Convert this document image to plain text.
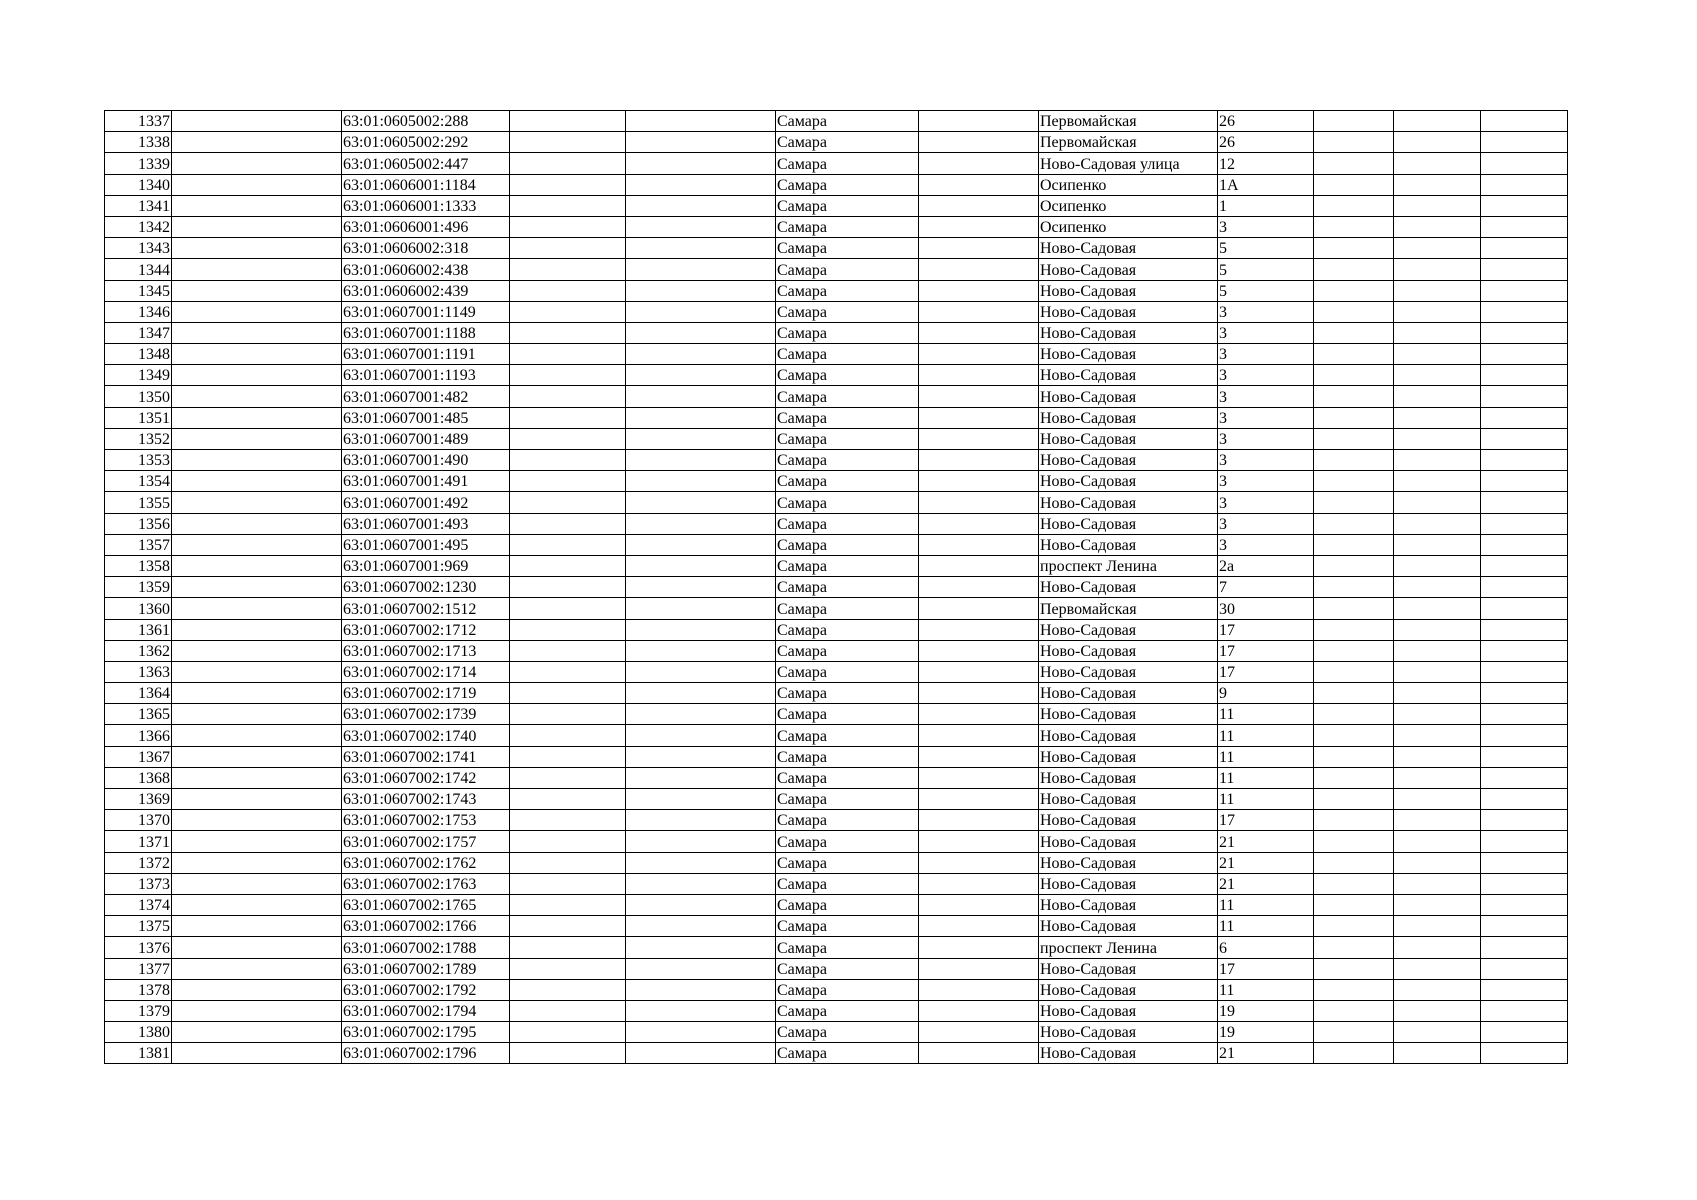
1337		63:01:0605002:288			Самара		Первомайская	26			
1338		63:01:0605002:292			Самара		Первомайская	26			
1339		63:01:0605002:447			Самара		Ново-Садовая улица	12			
1340		63:01:0606001:1184			Самара		Осипенко	1А			
1341		63:01:0606001:1333			Самара		Осипенко	1			
1342		63:01:0606001:496			Самара		Осипенко	3			
1343		63:01:0606002:318			Самара		Ново-Садовая	5			
1344		63:01:0606002:438			Самара		Ново-Садовая	5			
1345		63:01:0606002:439			Самара		Ново-Садовая	5			
1346		63:01:0607001:1149			Самара		Ново-Садовая	3			
1347		63:01:0607001:1188			Самара		Ново-Садовая	3			
1348		63:01:0607001:1191			Самара		Ново-Садовая	3			
1349		63:01:0607001:1193			Самара		Ново-Садовая	3			
1350		63:01:0607001:482			Самара		Ново-Садовая	3			
1351		63:01:0607001:485			Самара		Ново-Садовая	3			
1352		63:01:0607001:489			Самара		Ново-Садовая	3			
1353		63:01:0607001:490			Самара		Ново-Садовая	3			
1354		63:01:0607001:491			Самара		Ново-Садовая	3			
1355		63:01:0607001:492			Самара		Ново-Садовая	3			
1356		63:01:0607001:493			Самара		Ново-Садовая	3			
1357		63:01:0607001:495			Самара		Ново-Садовая	3			
1358		63:01:0607001:969			Самара		проспект Ленина	2а			
1359		63:01:0607002:1230			Самара		Ново-Садовая	7			
1360		63:01:0607002:1512			Самара		Первомайская	30			
1361		63:01:0607002:1712			Самара		Ново-Садовая	17			
1362		63:01:0607002:1713			Самара		Ново-Садовая	17			
1363		63:01:0607002:1714			Самара		Ново-Садовая	17			
1364		63:01:0607002:1719			Самара		Ново-Садовая	9			
1365		63:01:0607002:1739			Самара		Ново-Садовая	11			
1366		63:01:0607002:1740			Самара		Ново-Садовая	11			
1367		63:01:0607002:1741			Самара		Ново-Садовая	11			
1368		63:01:0607002:1742			Самара		Ново-Садовая	11			
1369		63:01:0607002:1743			Самара		Ново-Садовая	11			
1370		63:01:0607002:1753			Самара		Ново-Садовая	17			
1371		63:01:0607002:1757			Самара		Ново-Садовая	21			
1372		63:01:0607002:1762			Самара		Ново-Садовая	21			
1373		63:01:0607002:1763			Самара		Ново-Садовая	21			
1374		63:01:0607002:1765			Самара		Ново-Садовая	11			
1375		63:01:0607002:1766			Самара		Ново-Садовая	11			
1376		63:01:0607002:1788			Самара		проспект Ленина	6			
1377		63:01:0607002:1789			Самара		Ново-Садовая	17			
1378		63:01:0607002:1792			Самара		Ново-Садовая	11			
1379		63:01:0607002:1794			Самара		Ново-Садовая	19			
1380		63:01:0607002:1795			Самара		Ново-Садовая	19			
1381		63:01:0607002:1796			Самара		Ново-Садовая	21			
